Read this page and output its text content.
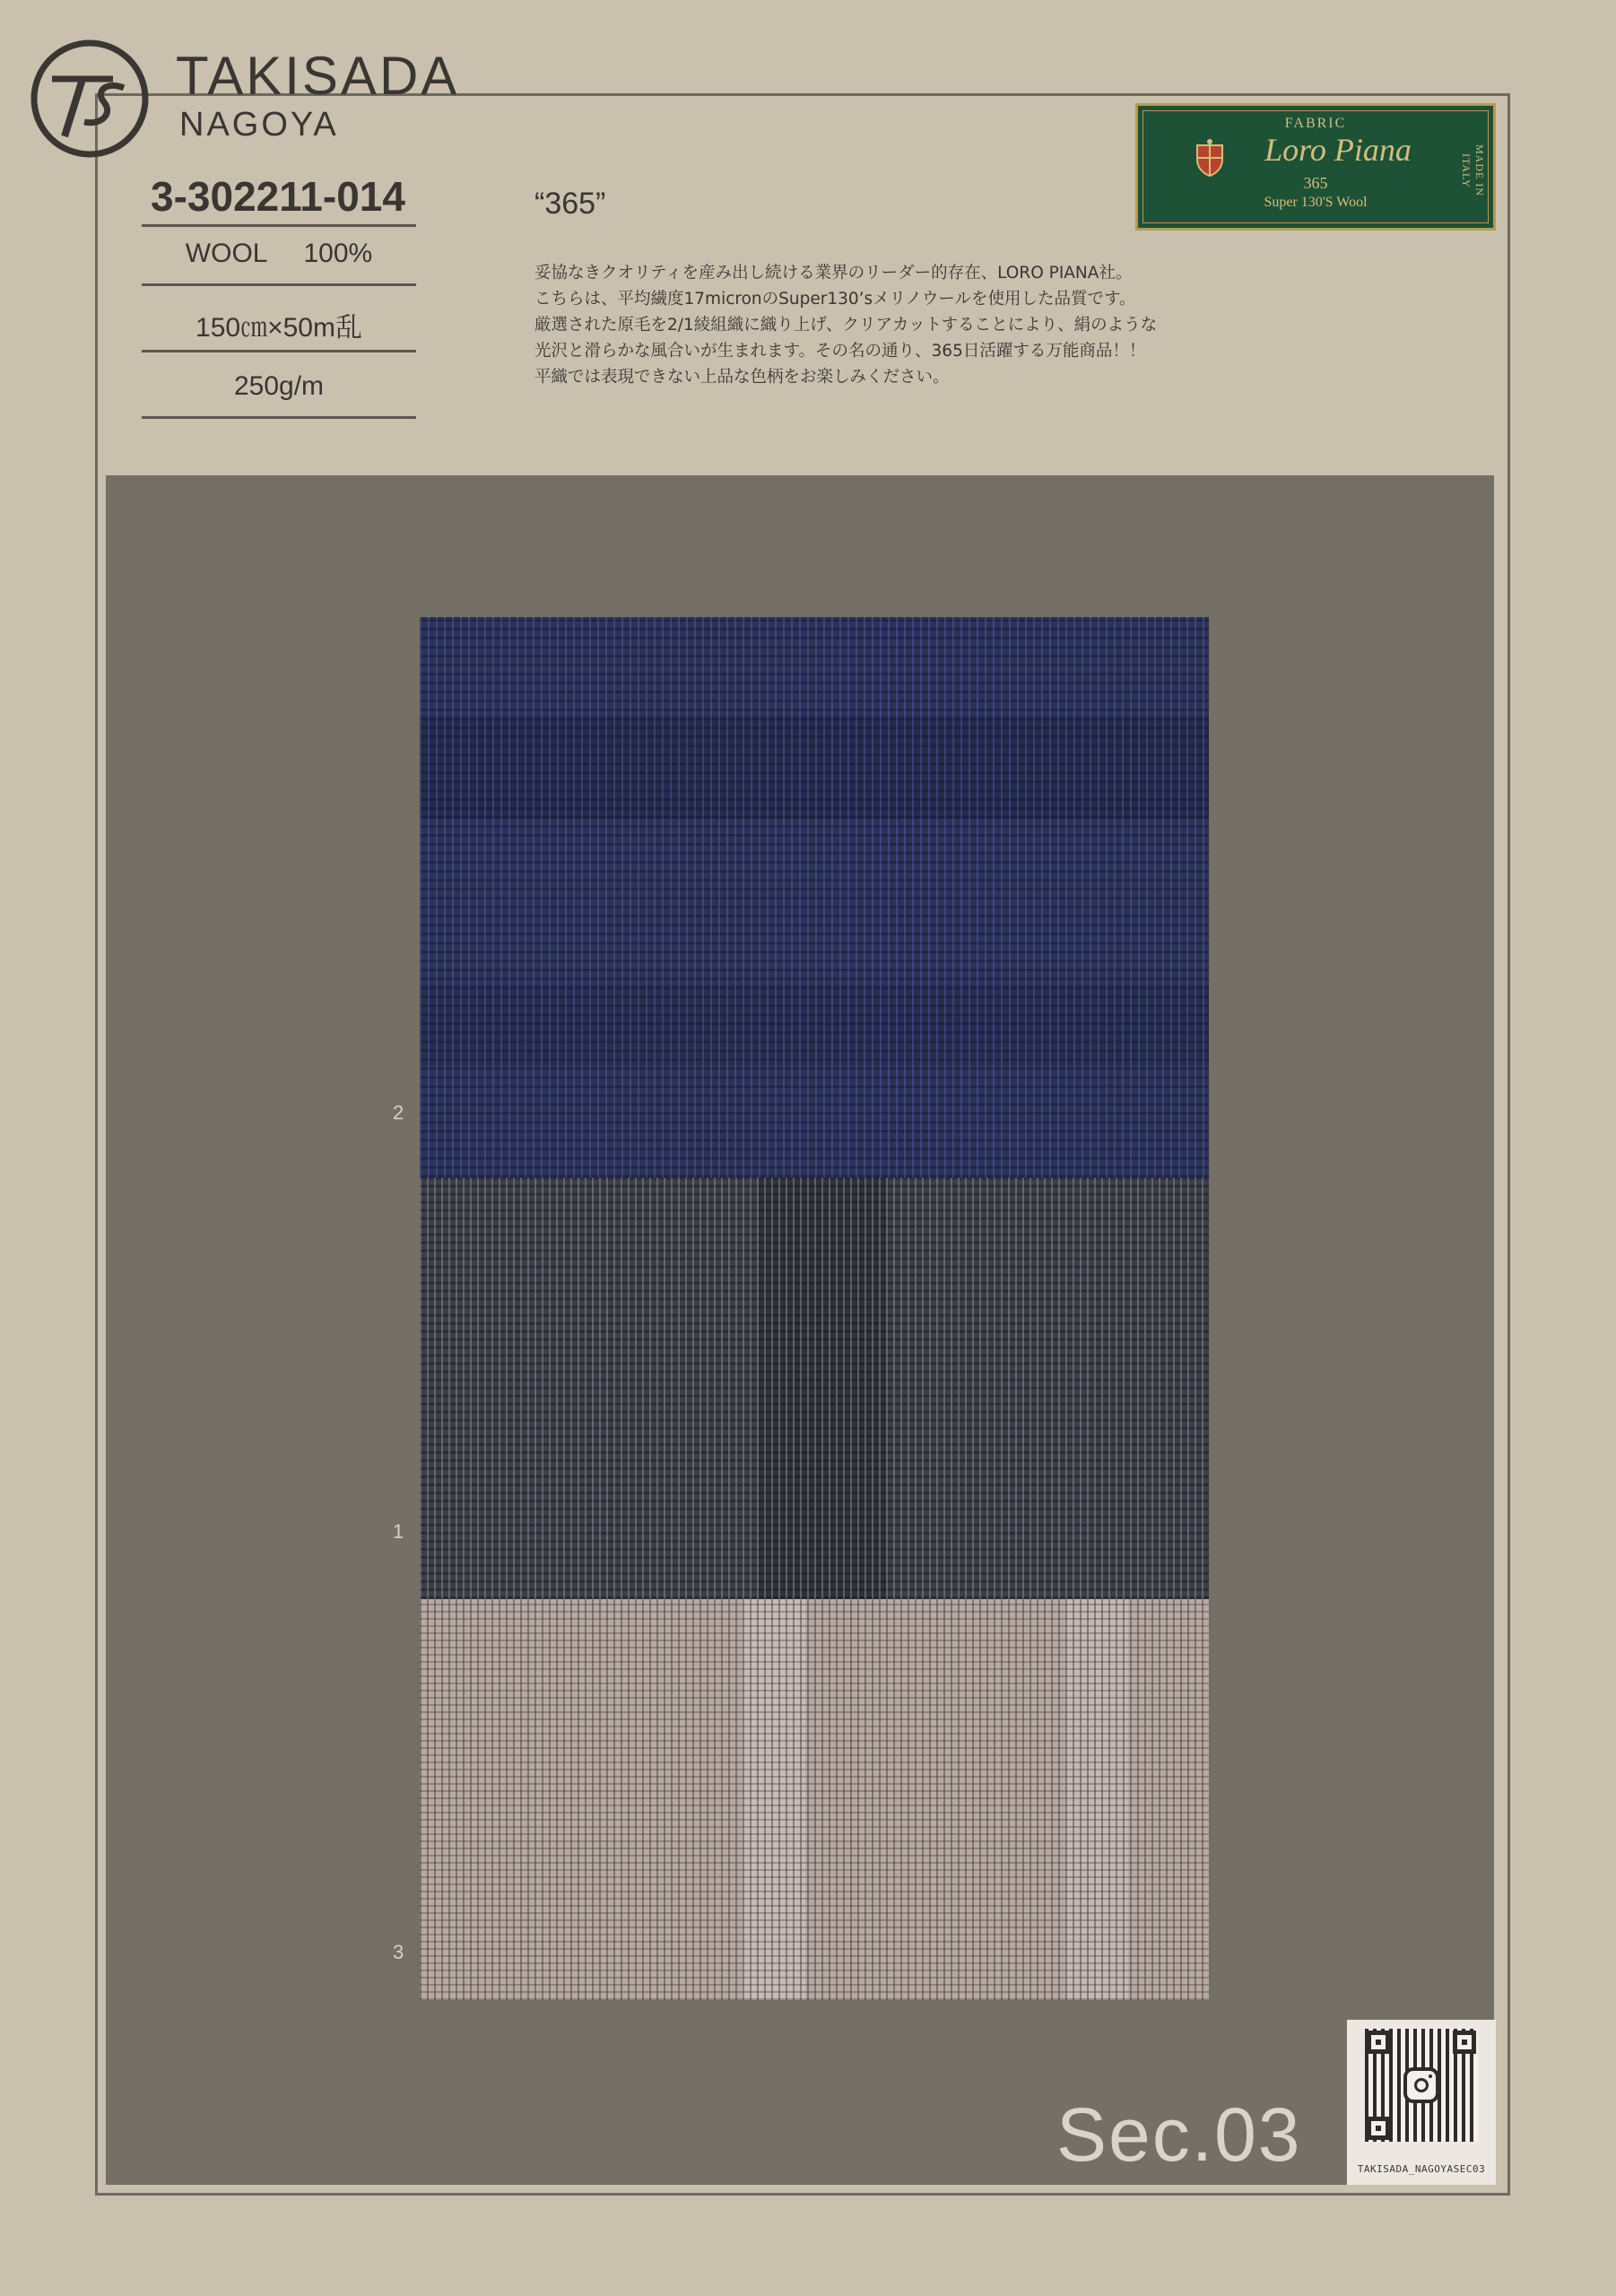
TAKISADA
NAGOYA
3-302211-014
WOOL 100%
150㎝×50m乱
250g/m
“365”
妥協なきクオリティを産み出し続ける業界のリーダー的存在、LORO PIANA社。
こちらは、平均繊度17micronのSuper130’sメリノウールを使用した品質です。
厳選された原毛を2/1綾組織に織り上げ、クリアカットすることにより、絹のような
光沢と滑らかな風合いが生まれます。その名の通り、365日活躍する万能商品！！
平織では表現できない上品な色柄をお楽しみください。
FABRIC
Loro Piana
365
Super 130'S Wool
MADE IN ITALY
2
1
3
Sec.03	TAKISADA_NAGOYASEC03
